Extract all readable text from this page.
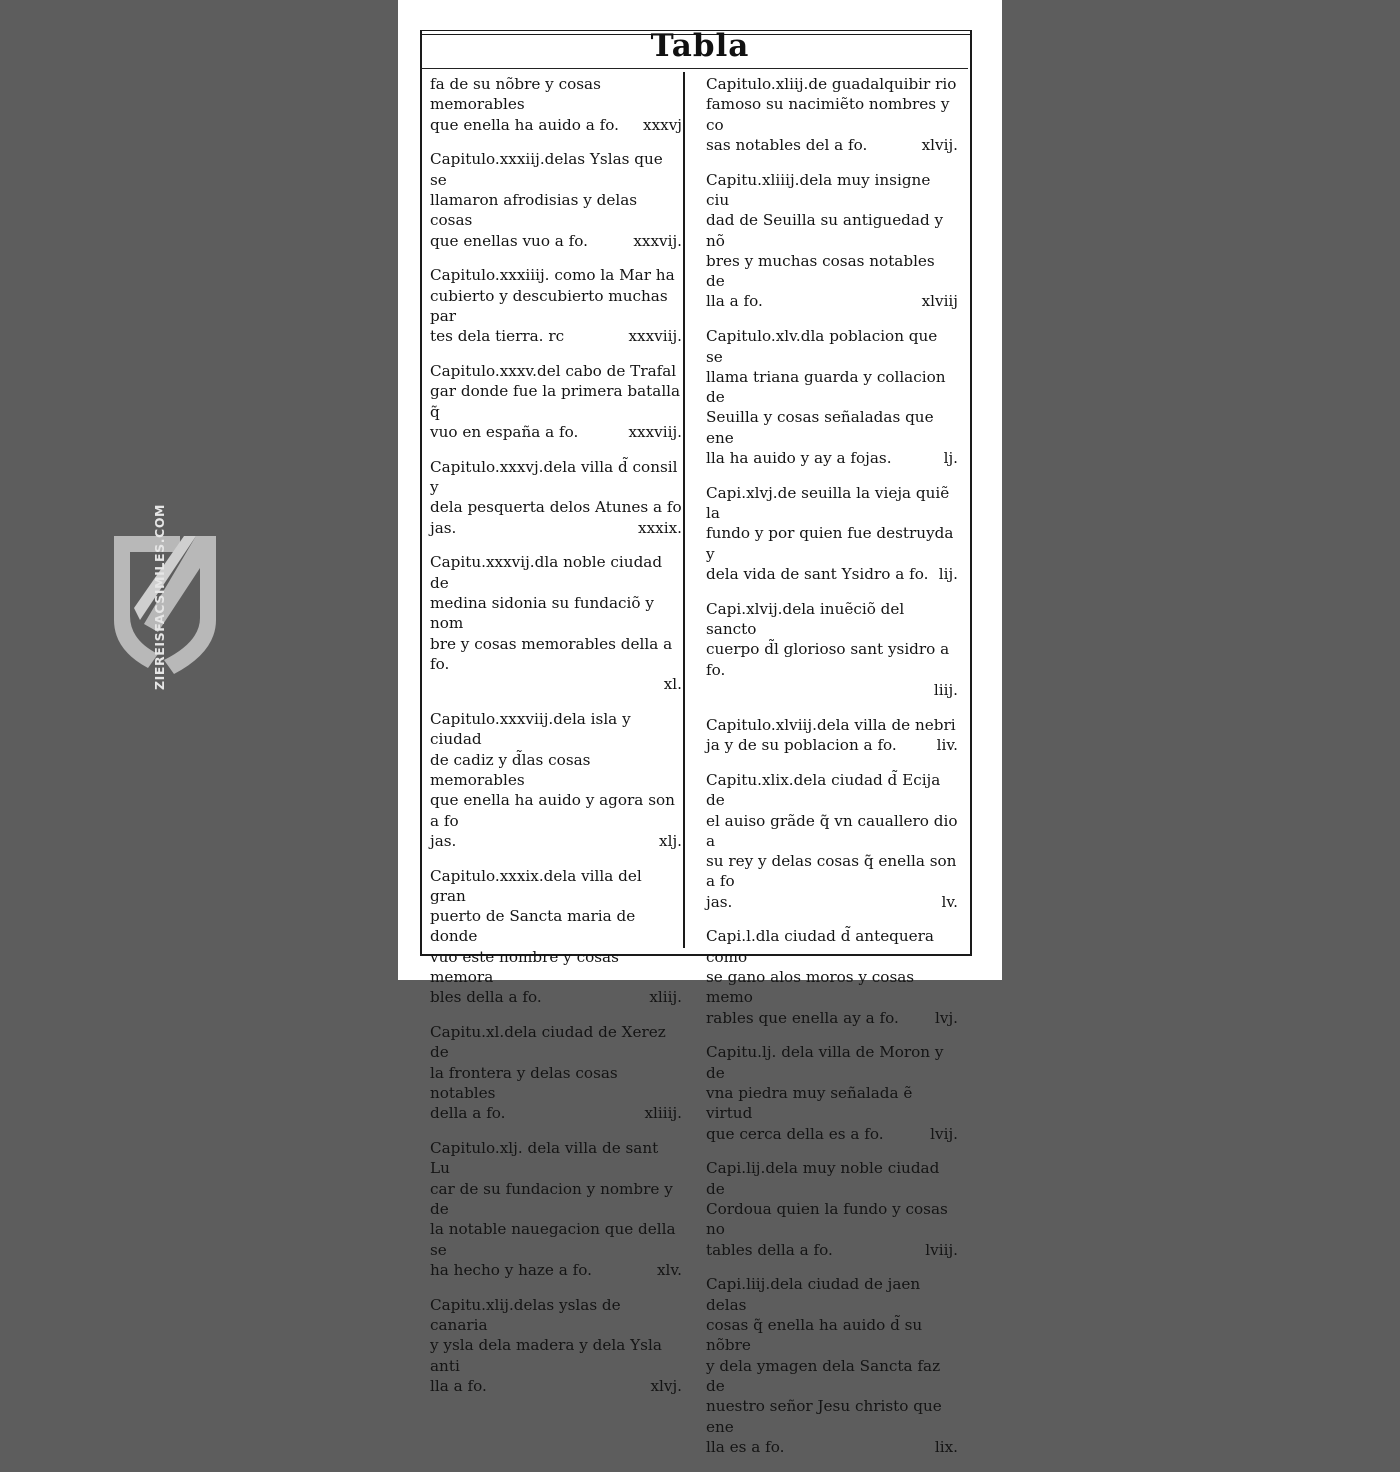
ZIEREISFACSIMILES.COM
Tabla
fa de su nõbre y cosas memorables
que enella ha auido a fo.	xxxvj
Capitulo.xxxiij.delas Yslas que se
llamaron afrodisias y delas cosas
que enellas vuo a fo.	xxxvij.
Capitulo.xxxiiij. como la Mar ha
cubierto y descubierto muchas par
tes dela tierra. rc	xxxviij.
Capitulo.xxxv.del cabo de Trafal
gar donde fue la primera batalla q̃
vuo en españa a fo.	xxxviij.
Capitulo.xxxvj.dela villa d̃ consil y
dela pesquerta delos Atunes a fo
jas.	xxxix.
Capitu.xxxvij.dla noble ciudad de
medina sidonia su fundaciõ y nom
bre y cosas memorables della a fo.
xl.
Capitulo.xxxviij.dela isla y ciudad
de cadiz y d̃las cosas memorables
que enella ha auido y agora son a fo
jas.	xlj.
Capitulo.xxxix.dela villa del gran
puerto de Sancta maria de donde
vuo este nombre y cosas memora
bles della a fo.	xliij.
Capitu.xl.dela ciudad de Xerez de
la frontera y delas cosas notables
della a fo.	xliiij.
Capitulo.xlj. dela villa de sant Lu
car de su fundacion y nombre y de
la notable nauegacion que della se
ha hecho y haze a fo.	xlv.
Capitu.xlij.delas yslas de canaria
y ysla dela madera y dela Ysla anti
lla a fo.	xlvj.
Capitulo.xliij.de guadalquibir rio
famoso su nacimiẽto nombres y co
sas notables del a fo.	xlvij.
Capitu.xliiij.dela muy insigne ciu
dad de Seuilla su antiguedad y nõ
bres y muchas cosas notables de
lla a fo.	xlviij
Capitulo.xlv.dla poblacion que se
llama triana guarda y collacion de
Seuilla y cosas señaladas que ene
lla ha auido y ay a fojas.	lj.
Capi.xlvj.de seuilla la vieja quiẽ la
fundo y por quien fue destruyda y
dela vida de sant Ysidro a fo. lij.
Capi.xlvij.dela inuẽciõ del sancto
cuerpo d̃l glorioso sant ysidro a fo.
liij.
Capitulo.xlviij.dela villa de nebri
ja y de su poblacion a fo.	liv.
Capitu.xlix.dela ciudad d̃ Ecija de
el auiso grãde q̃ vn cauallero dio a
su rey y delas cosas q̃ enella son a fo
jas.	lv.
Capi.l.dla ciudad d̃ antequera como
se gano alos moros y cosas memo
rables que enella ay a fo.	lvj.
Capitu.lj. dela villa de Moron y de
vna piedra muy señalada ẽ virtud
que cerca della es a fo.	lvij.
Capi.lij.dela muy noble ciudad de
Cordoua quien la fundo y cosas no
tables della a fo.	lviij.
Capi.liij.dela ciudad de jaen delas
cosas q̃ enella ha auido d̃ su nõbre
y dela ymagen dela Sancta faz de
nuestro señor Jesu christo que ene
lla es a fo.	lix.
